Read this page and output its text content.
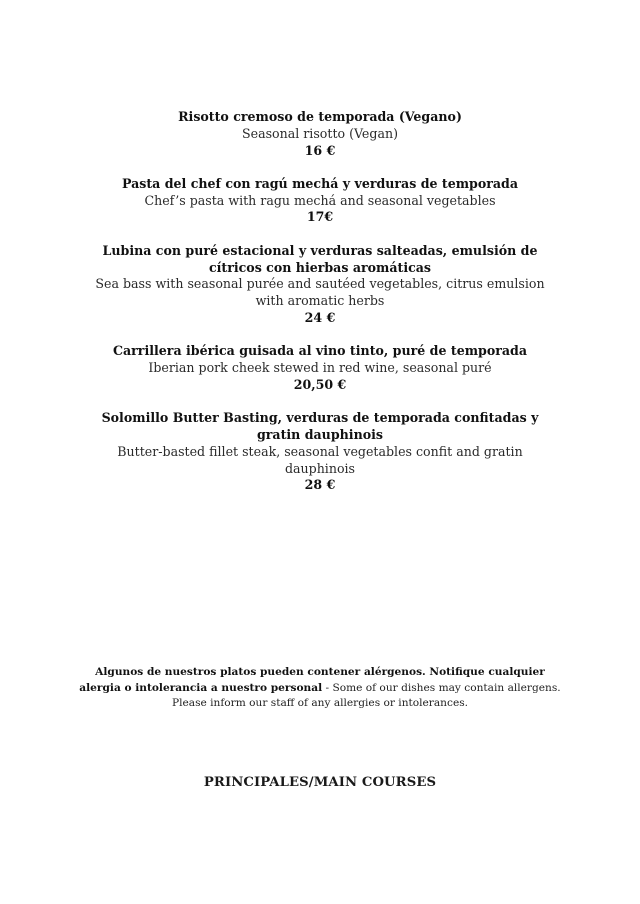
Risotto cremoso de temporada (Vegano)
Seasonal risotto (Vegan)
16 €
Pasta del chef con ragú mechá y verduras de temporada
Chef’s pasta with ragu mechá and seasonal vegetables
17€
Lubina con puré estacional y verduras salteadas, emulsión de cítricos con hierbas aromáticas
Sea bass with seasonal purée and sautéed vegetables, citrus emulsion with aromatic herbs
24 €
Carrillera ibérica guisada al vino tinto, puré de temporada
Iberian pork cheek stewed in red wine, seasonal puré
20,50 €
Solomillo Butter Basting, verduras de temporada confitadas y gratin dauphinois
Butter-basted fillet steak, seasonal vegetables confit and gratin dauphinois
28 €
Algunos de nuestros platos pueden contener alérgenos. Notifique cualquier alergia o intolerancia a nuestro personal - Some of our dishes may contain allergens. Please inform our staff of any allergies or intolerances.
PRINCIPALES/MAIN COURSES
